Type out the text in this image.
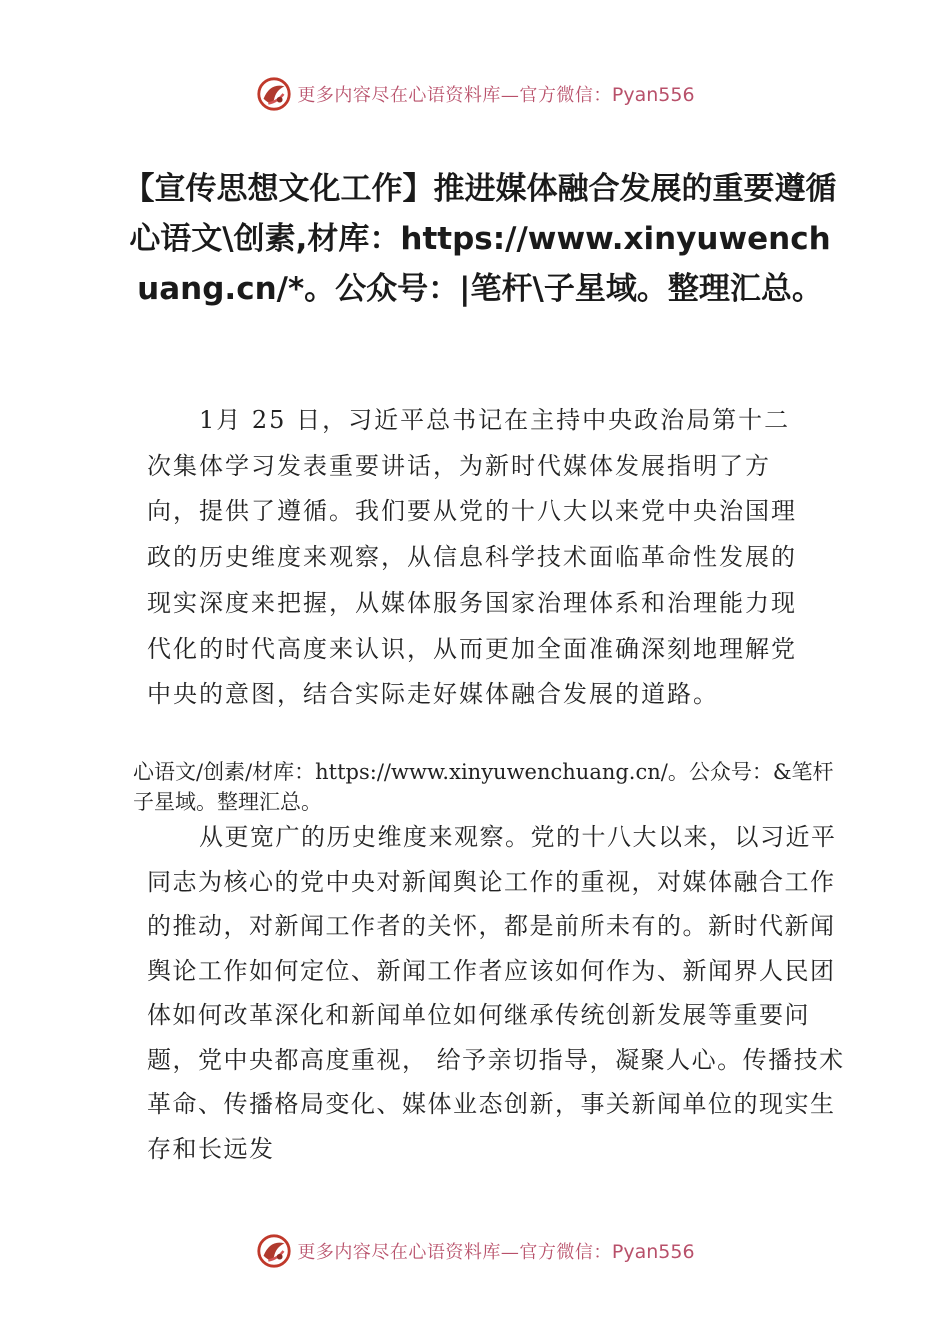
更多内容尽在心语资料库—官方微信：Pyan556
【宣传思想文化工作】推进媒体融合发展的重要遵循心语文\创素,材库：https://www.xinyuwenchuang.cn/*。公众号：|笔杆\子星域。整理汇总。
1月 25 日，习近平总书记在主持中央政治局第十二次集体学习发表重要讲话，为新时代媒体发展指明了方向，提供了遵循。我们要从党的十八大以来党中央治国理政的历史维度来观察，从信息科学技术面临革命性发展的现实深度来把握，从媒体服务国家治理体系和治理能力现代化的时代高度来认识，从而更加全面准确深刻地理解党中央的意图，结合实际走好媒体融合发展的道路。
心语文/创素/材库：https://www.xinyuwenchuang.cn/。公众号：&笔杆子星域。整理汇总。
从更宽广的历史维度来观察。党的十八大以来，以习近平同志为核心的党中央对新闻舆论工作的重视，对媒体融合工作的推动，对新闻工作者的关怀，都是前所未有的。新时代新闻舆论工作如何定位、新闻工作者应该如何作为、新闻界人民团体如何改革深化和新闻单位如何继承传统创新发展等重要问题，党中央都高度重视， 给予亲切指导，凝聚人心。传播技术革命、传播格局变化、媒体业态创新，事关新闻单位的现实生存和长远发
更多内容尽在心语资料库—官方微信：Pyan556
